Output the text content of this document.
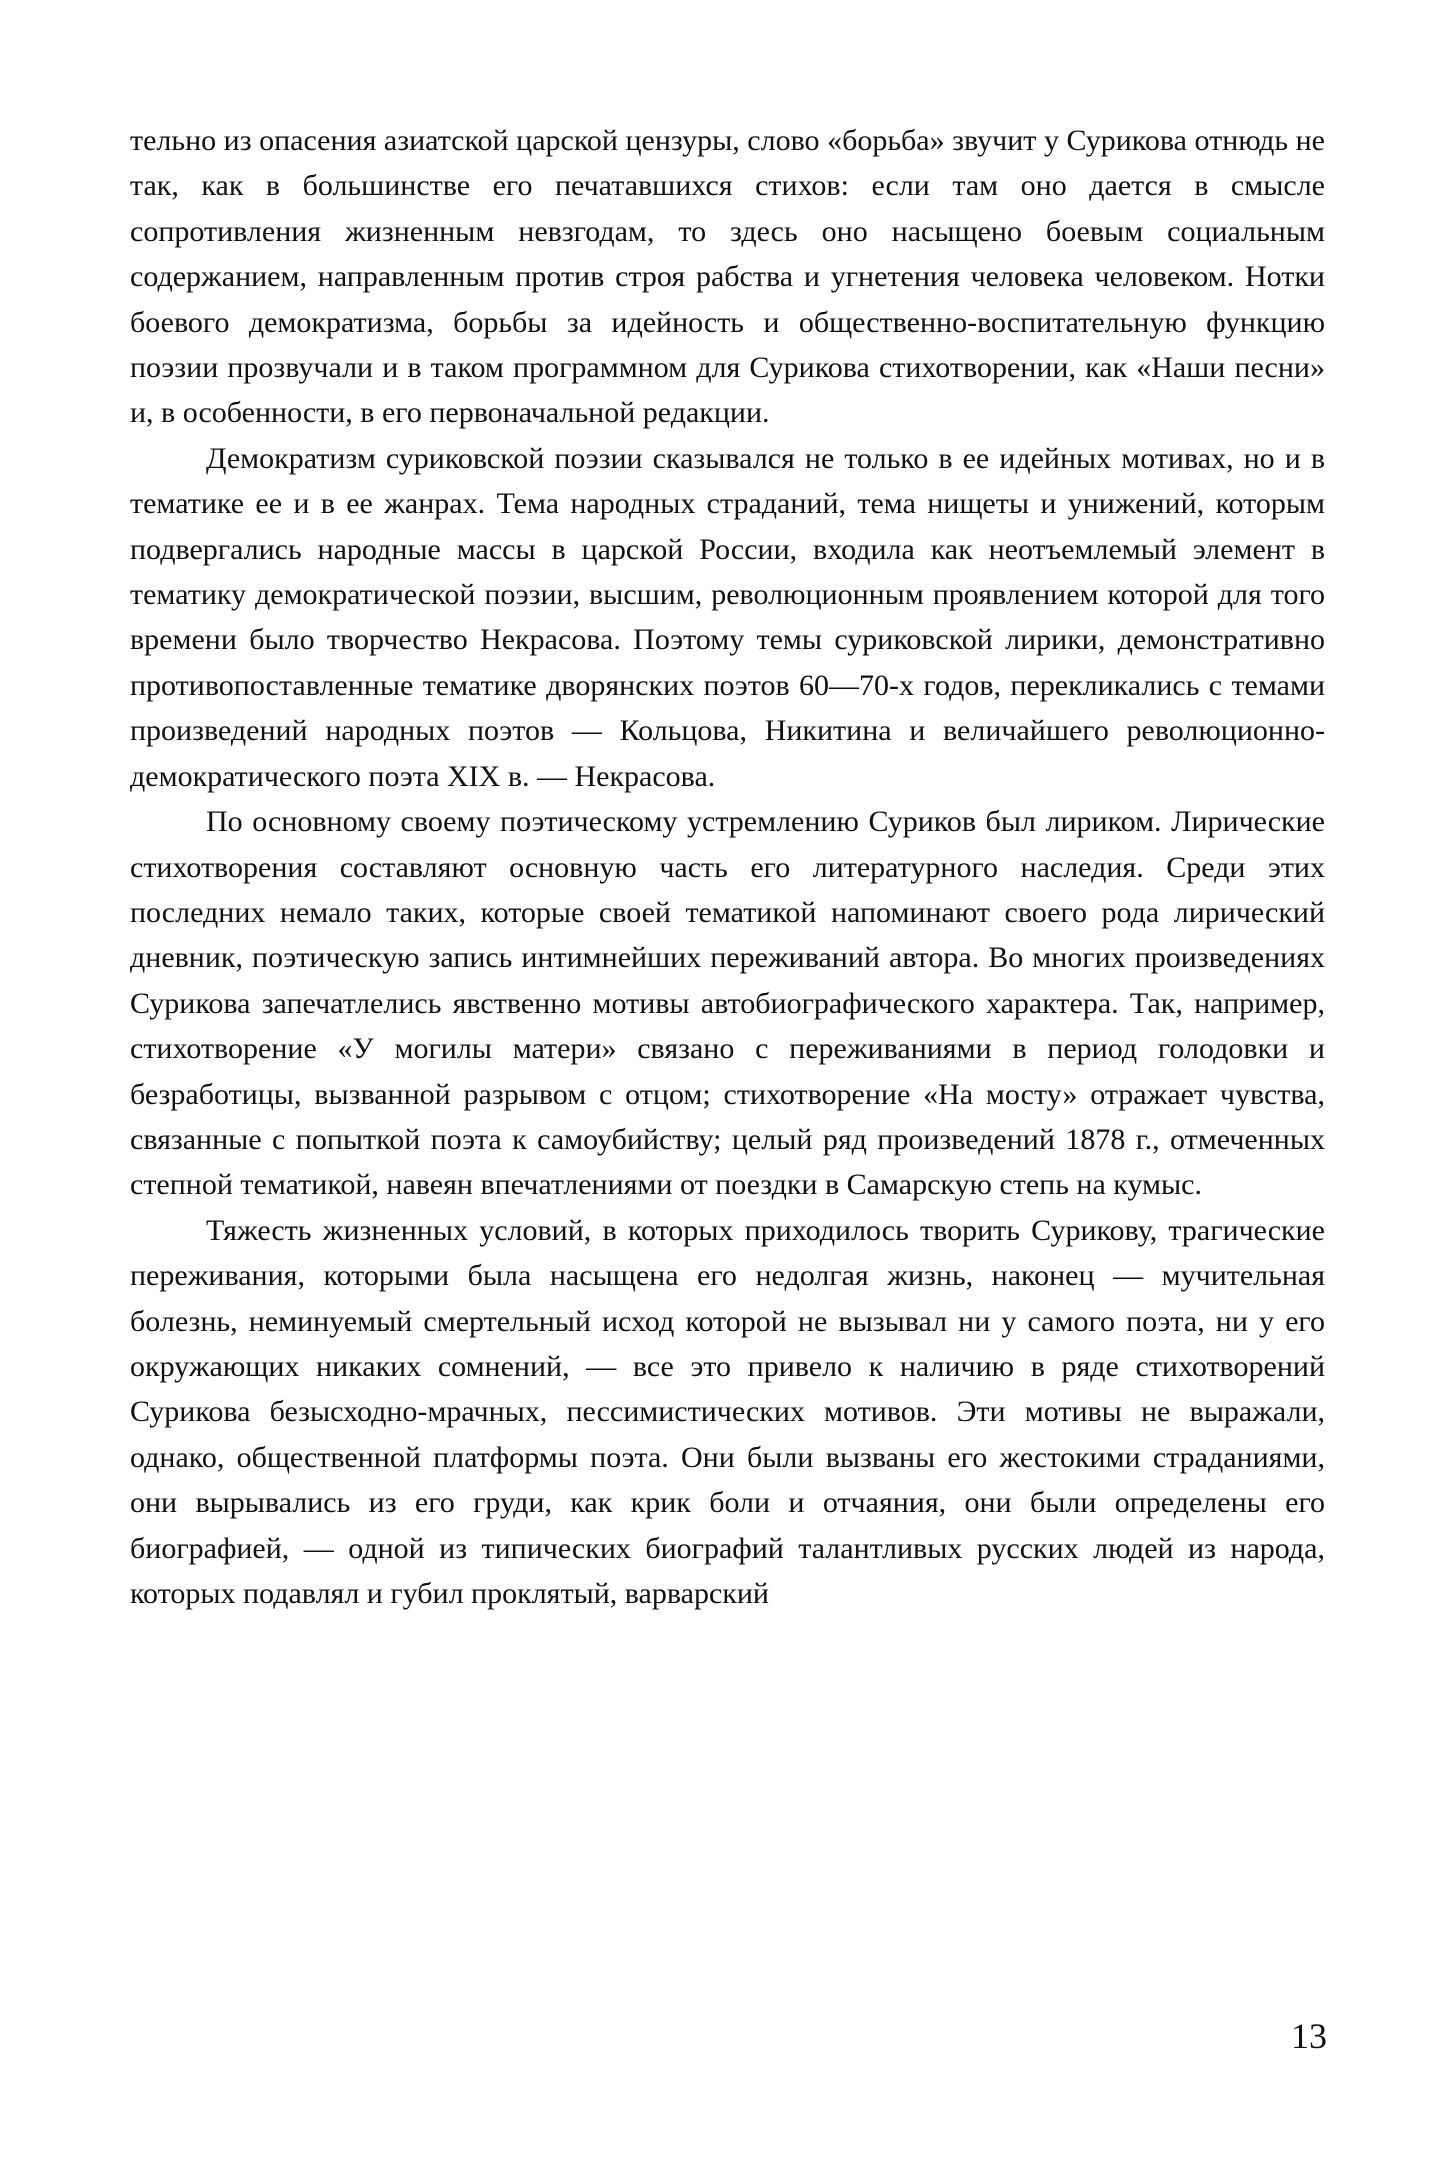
тельно из опасения азиатской царской цензуры, слово «борьба» звучит у Сурикова отнюдь не так, как в большинстве его печатавшихся стихов: если там оно дается в смысле сопротивления жизненным невзгодам, то здесь оно насыщено боевым социальным содержанием, направленным против строя рабства и угнетения человека человеком. Нотки боевого демократизма, борьбы за идейность и общественно-воспитательную функцию поэзии прозвучали и в таком программном для Сурикова стихотворении, как «Наши песни» и, в особенности, в его первоначальной редакции.

Демократизм суриковской поэзии сказывался не только в ее идейных мотивах, но и в тематике ее и в ее жанрах. Тема народных страданий, тема нищеты и унижений, которым подвергались народные массы в царской России, входила как неотъемлемый элемент в тематику демократической поэзии, высшим, революционным проявлением которой для того времени было творчество Некрасова. Поэтому темы суриковской лирики, демонстративно противопоставленные тематике дворянских поэтов 60—70-х годов, перекликались с темами произведений народных поэтов — Кольцова, Никитина и величайшего революционно-демократического поэта XIX в. — Некрасова.

По основному своему поэтическому устремлению Суриков был лириком. Лирические стихотворения составляют основную часть его литературного наследия. Среди этих последних немало таких, которые своей тематикой напоминают своего рода лирический дневник, поэтическую запись интимнейших переживаний автора. Во многих произведениях Сурикова запечатлелись явственно мотивы автобиографического характера. Так, например, стихотворение «У могилы матери» связано с переживаниями в период голодовки и безработицы, вызванной разрывом с отцом; стихотворение «На мосту» отражает чувства, связанные с попыткой поэта к самоубийству; целый ряд произведений 1878 г., отмеченных степной тематикой, навеян впечатлениями от поездки в Самарскую степь на кумыс.

Тяжесть жизненных условий, в которых приходилось творить Сурикову, трагические переживания, которыми была насыщена его недолгая жизнь, наконец — мучительная болезнь, неминуемый смертельный исход которой не вызывал ни у самого поэта, ни у его окружающих никаких сомнений, — все это привело к наличию в ряде стихотворений Сурикова безысходно-мрачных, пессимистических мотивов. Эти мотивы не выражали, однако, общественной платформы поэта. Они были вызваны его жестокими страданиями, они вырывались из его груди, как крик боли и отчаяния, они были определены его биографией, — одной из типических биографий талантливых русских людей из народа, которых подавлял и губил проклятый, варварский

13
